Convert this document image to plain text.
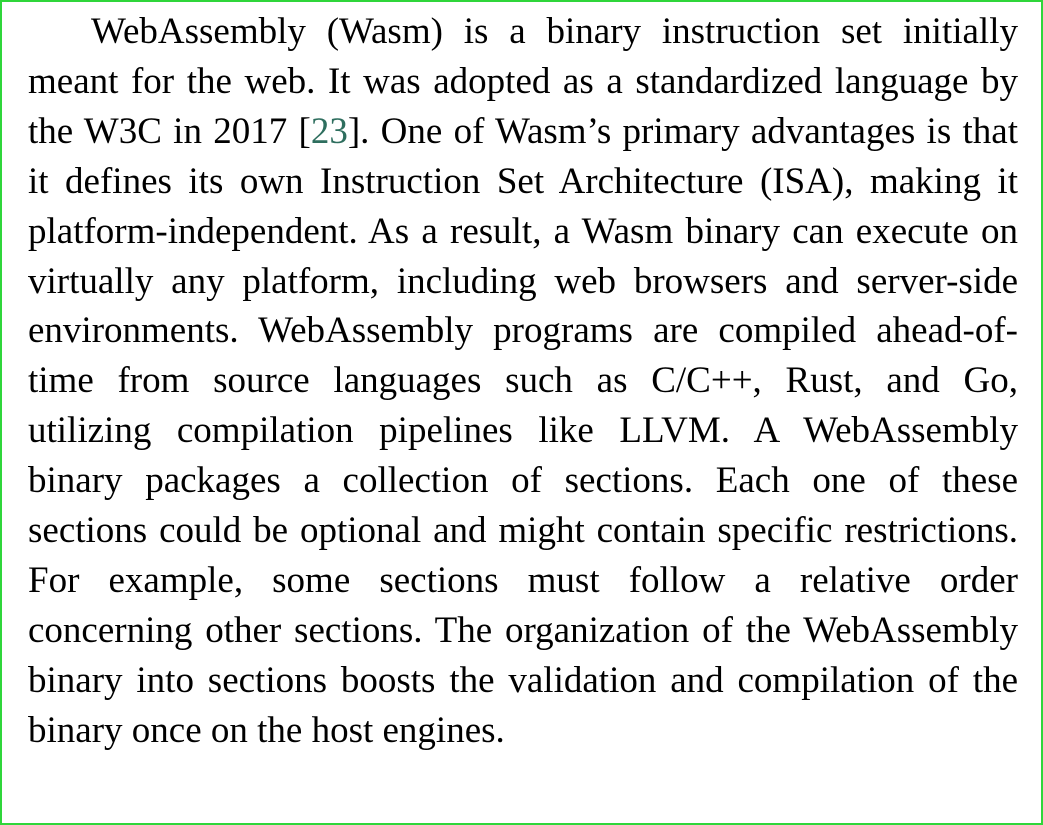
WebAssembly (Wasm) is a binary instruction set initially meant for the web. It was adopted as a standardized language by the W3C in 2017 [23]. One of Wasm’s primary advantages is that it defines its own Instruction Set Architecture (ISA), making it platform-independent. As a result, a Wasm binary can execute on virtually any platform, including web browsers and server-side environments. WebAssembly programs are compiled ahead-of-time from source languages such as C/C++, Rust, and Go, utilizing compilation pipelines like LLVM. A WebAssembly binary packages a collection of sections. Each one of these sections could be optional and might contain specific restrictions. For example, some sections must follow a relative order concerning other sections. The organization of the WebAssembly binary into sections boosts the validation and compilation of the binary once on the host engines.
